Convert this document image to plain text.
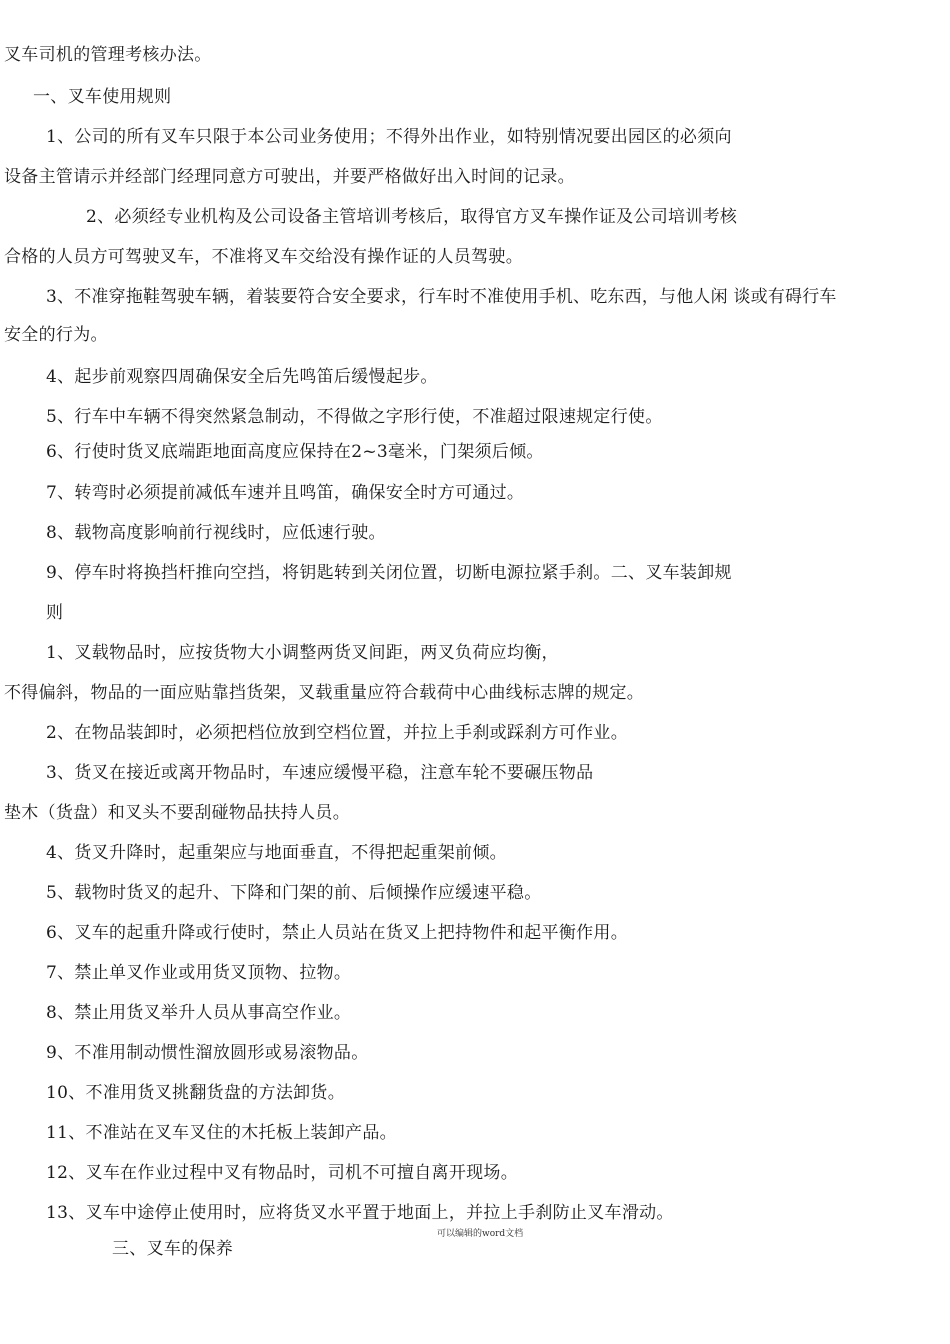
叉车司机的管理考核办法。
一、叉车使用规则
1、公司的所有叉车只限于本公司业务使用；不得外出作业，如特别情况要出园区的必须向
设备主管请示并经部门经理同意方可驶出，并要严格做好出入时间的记录。
2、必须经专业机构及公司设备主管培训考核后，取得官方叉车操作证及公司培训考核
合格的人员方可驾驶叉车，不准将叉车交给没有操作证的人员驾驶。
3、不准穿拖鞋驾驶车辆，着装要符合安全要求，行车时不准使用手机、吃东西，与他人闲 谈或有碍行车
安全的行为。
4、起步前观察四周确保安全后先鸣笛后缓慢起步。
5、行车中车辆不得突然紧急制动，不得做之字形行使，不准超过限速规定行使。
6、行使时货叉底端距地面高度应保持在2~3毫米，门架须后倾。
7、转弯时必须提前减低车速并且鸣笛，确保安全时方可通过。
8、载物高度影响前行视线时，应低速行驶。
9、停车时将换挡杆推向空挡，将钥匙转到关闭位置，切断电源拉紧手刹。二、叉车装卸规
则
1、叉载物品时，应按货物大小调整两货叉间距，两叉负荷应均衡，
不得偏斜，物品的一面应贴靠挡货架，叉载重量应符合载荷中心曲线标志牌的规定。
2、在物品装卸时，必须把档位放到空档位置，并拉上手刹或踩刹方可作业。
3、货叉在接近或离开物品时，车速应缓慢平稳，注意车轮不要碾压物品
垫木（货盘）和叉头不要刮碰物品扶持人员。
4、货叉升降时，起重架应与地面垂直，不得把起重架前倾。
5、载物时货叉的起升、下降和门架的前、后倾操作应缓速平稳。
6、叉车的起重升降或行使时，禁止人员站在货叉上把持物件和起平衡作用。
7、禁止单叉作业或用货叉顶物、拉物。
8、禁止用货叉举升人员从事高空作业。
9、不准用制动惯性溜放圆形或易滚物品。
10、不准用货叉挑翻货盘的方法卸货。
11、不准站在叉车叉住的木托板上装卸产品。
12、叉车在作业过程中叉有物品时，司机不可擅自离开现场。
13、叉车中途停止使用时，应将货叉水平置于地面上，并拉上手刹防止叉车滑动。
三、叉车的保养
可以编辑的word文档
